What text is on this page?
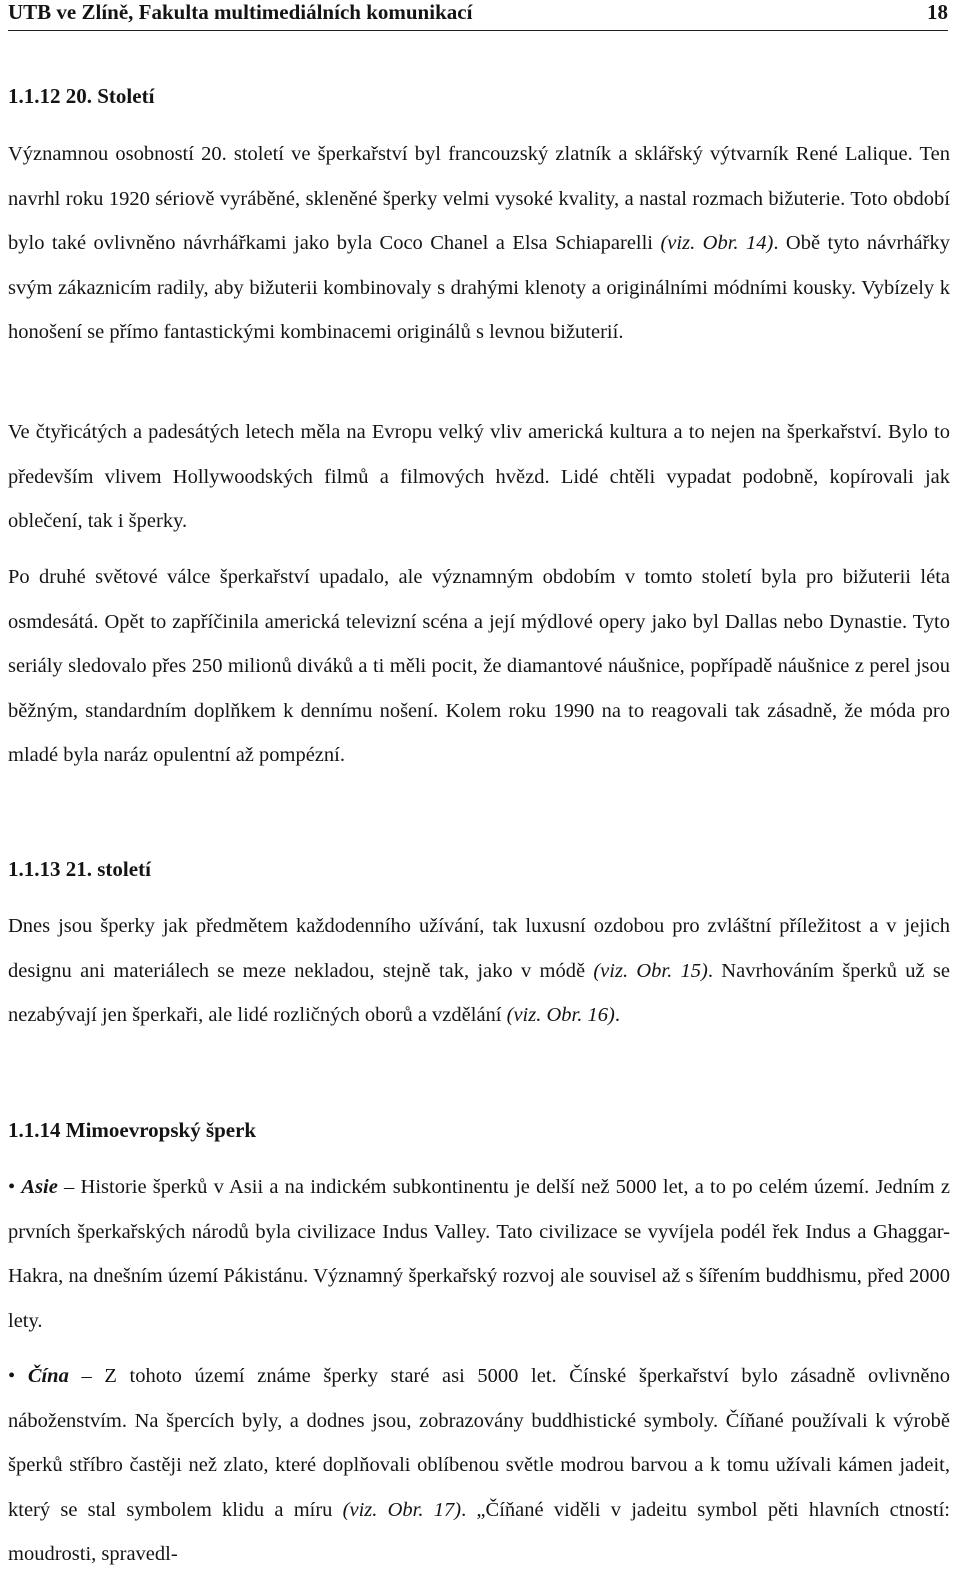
UTB ve Zlíně, Fakulta multimediálních komunikací	18
1.1.12 20. Století

Významnou osobností 20. století ve šperkařství byl francouzský zlatník a sklářský výtvarník René Lalique. Ten navrhl roku 1920 sériově vyráběné, skleněné šperky velmi vysoké kvality, a nastal rozmach bižuterie. Toto období bylo také ovlivněno návrhářkami jako byla Coco Chanel a Elsa Schiaparelli (viz. Obr. 14). Obě tyto návrhářky svým zákaznicím radily, aby bižuterii kombinovaly s drahými klenoty a originálními módními kousky. Vybízely k honošení se přímo fantastickými kombinacemi originálů s levnou bižuterií.

Ve čtyřicátých a padesátých letech měla na Evropu velký vliv americká kultura a to nejen na šperkařství. Bylo to především vlivem Hollywoodských filmů a filmových hvězd. Lidé chtěli vypadat podobně, kopírovali jak oblečení, tak i šperky.

Po druhé světové válce šperkařství upadalo, ale významným obdobím v tomto století byla pro bižuterii léta osmdesátá. Opět to zapříčinila americká televizní scéna a její mýdlové opery jako byl Dallas nebo Dynastie. Tyto seriály sledovalo přes 250 milionů diváků a ti měli pocit, že diamantové náušnice, popřípadě náušnice z perel jsou běžným, standardním doplňkem k dennímu nošení. Kolem roku 1990 na to reagovali tak zásadně, že móda pro mladé byla naráz opulentní až pompézní.

1.1.13 21. století

Dnes jsou šperky jak předmětem každodenního užívání, tak luxusní ozdobou pro zvláštní příležitost a v jejich designu ani materiálech se meze nekladou, stejně tak, jako v módě (viz. Obr. 15). Navrhováním šperků už se nezabývají jen šperkaři, ale lidé rozličných oborů a vzdělání (viz. Obr. 16).

1.1.14 Mimoevropský šperk

• Asie – Historie šperků v Asii a na indickém subkontinentu je delší než 5000 let, a to po celém území. Jedním z prvních šperkařských národů byla civilizace Indus Valley. Tato civilizace se vyvíjela podél řek Indus a Ghaggar-Hakra, na dnešním území Pákistánu. Významný šperkařský rozvoj ale souvisel až s šířením buddhismu, před 2000 lety.

• Čína – Z tohoto území známe šperky staré asi 5000 let. Čínské šperkařství bylo zásadně ovlivněno náboženstvím. Na špercích byly, a dodnes jsou, zobrazovány buddhistické symboly. Číňané používali k výrobě šperků stříbro častěji než zlato, které doplňovali oblíbenou světle modrou barvou a k tomu užívali kámen jadeit, který se stal symbolem klidu a míru (viz. Obr. 17). „Číňané viděli v jadeitu symbol pěti hlavních ctností: moudrosti, spravedl-
